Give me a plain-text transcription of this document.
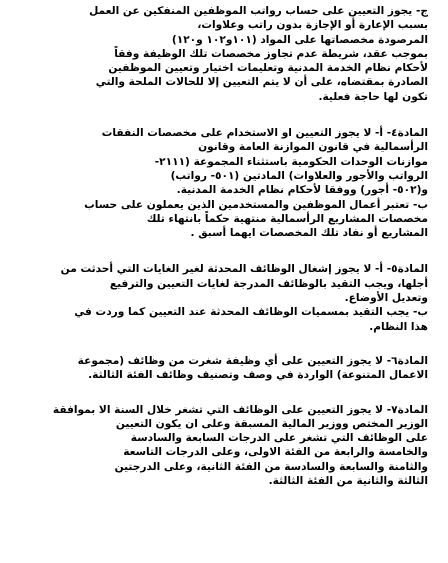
ج- يجوز التعيين على حساب رواتب الموظفين المنفكين عن العمل

بسبب الإعارة أو الإجازة بدون راتب وعلاوات،

المرصودة مخصصاتها على المواد (١٠١و١٠٢ و١٢٠)

بموجب عقد، شريطة عدم تجاوز مخصصات تلك الوظيفة وفقاً

لأحكام نظام الخدمة المدنية وتعليمات اختيار وتعيين الموظفين

الصادرة بمقتضاه، على أن لا يتم التعيين إلا للحالات الملحة والتي

تكون لها حاجة فعلية.

المادة٤- أ- لا يجوز التعيين او الاستخدام على مخصصات النفقات

الرأسمالية في قانون الموازنة العامة وقانون

موازنات الوحدات الحكومية باستثناء المجموعة (٢١١١-

الرواتب والأجور والعلاوات) المادتين (٥٠١- رواتب)

و(٥٠٢- أجور) ووفقا لأحكام نظام الخدمة المدنية.

ب- تعتبر أعمال الموظفين والمستخدمين الذين يعملون على حساب

مخصصات المشاريع الرأسمالية منتهية حكماً بانتهاء تلك

المشاريع أو نفاد تلك المخصصات ايهما أسبق .

المادة٥- أ- لا يجوز إشغال الوظائف المحدثة لغير الغايات التي أحدثت من

أجلها، ويجب التقيد بالوظائف المدرجة لغايات التعيين والترفيع

وتعديل الأوضاع.

ب- يجب التقيد بمسميات الوظائف المحدثة عند التعيين كما وردت في

هذا النظام.

المادة٦- لا يجوز التعيين على أي وظيفة شغرت من وظائف (مجموعة

الاعمال المتنوعة) الواردة في وصف وتصنيف وظائف الفئة الثالثة.

المادة٧- لا يجوز التعيين على الوظائف التي تشغر خلال السنة الا بموافقة

الوزير المختص ووزير المالية المسبقة وعلى ان يكون التعيين

على الوظائف التي تشغر على الدرجات السابعة والسادسة

والخامسة والرابعة من الفئة الاولى، وعلى الدرجات التاسعة

والثامنة والسابعة والسادسة من الفئة الثانية، وعلى الدرجتين

الثالثة والثانية من الفئة الثالثة.
